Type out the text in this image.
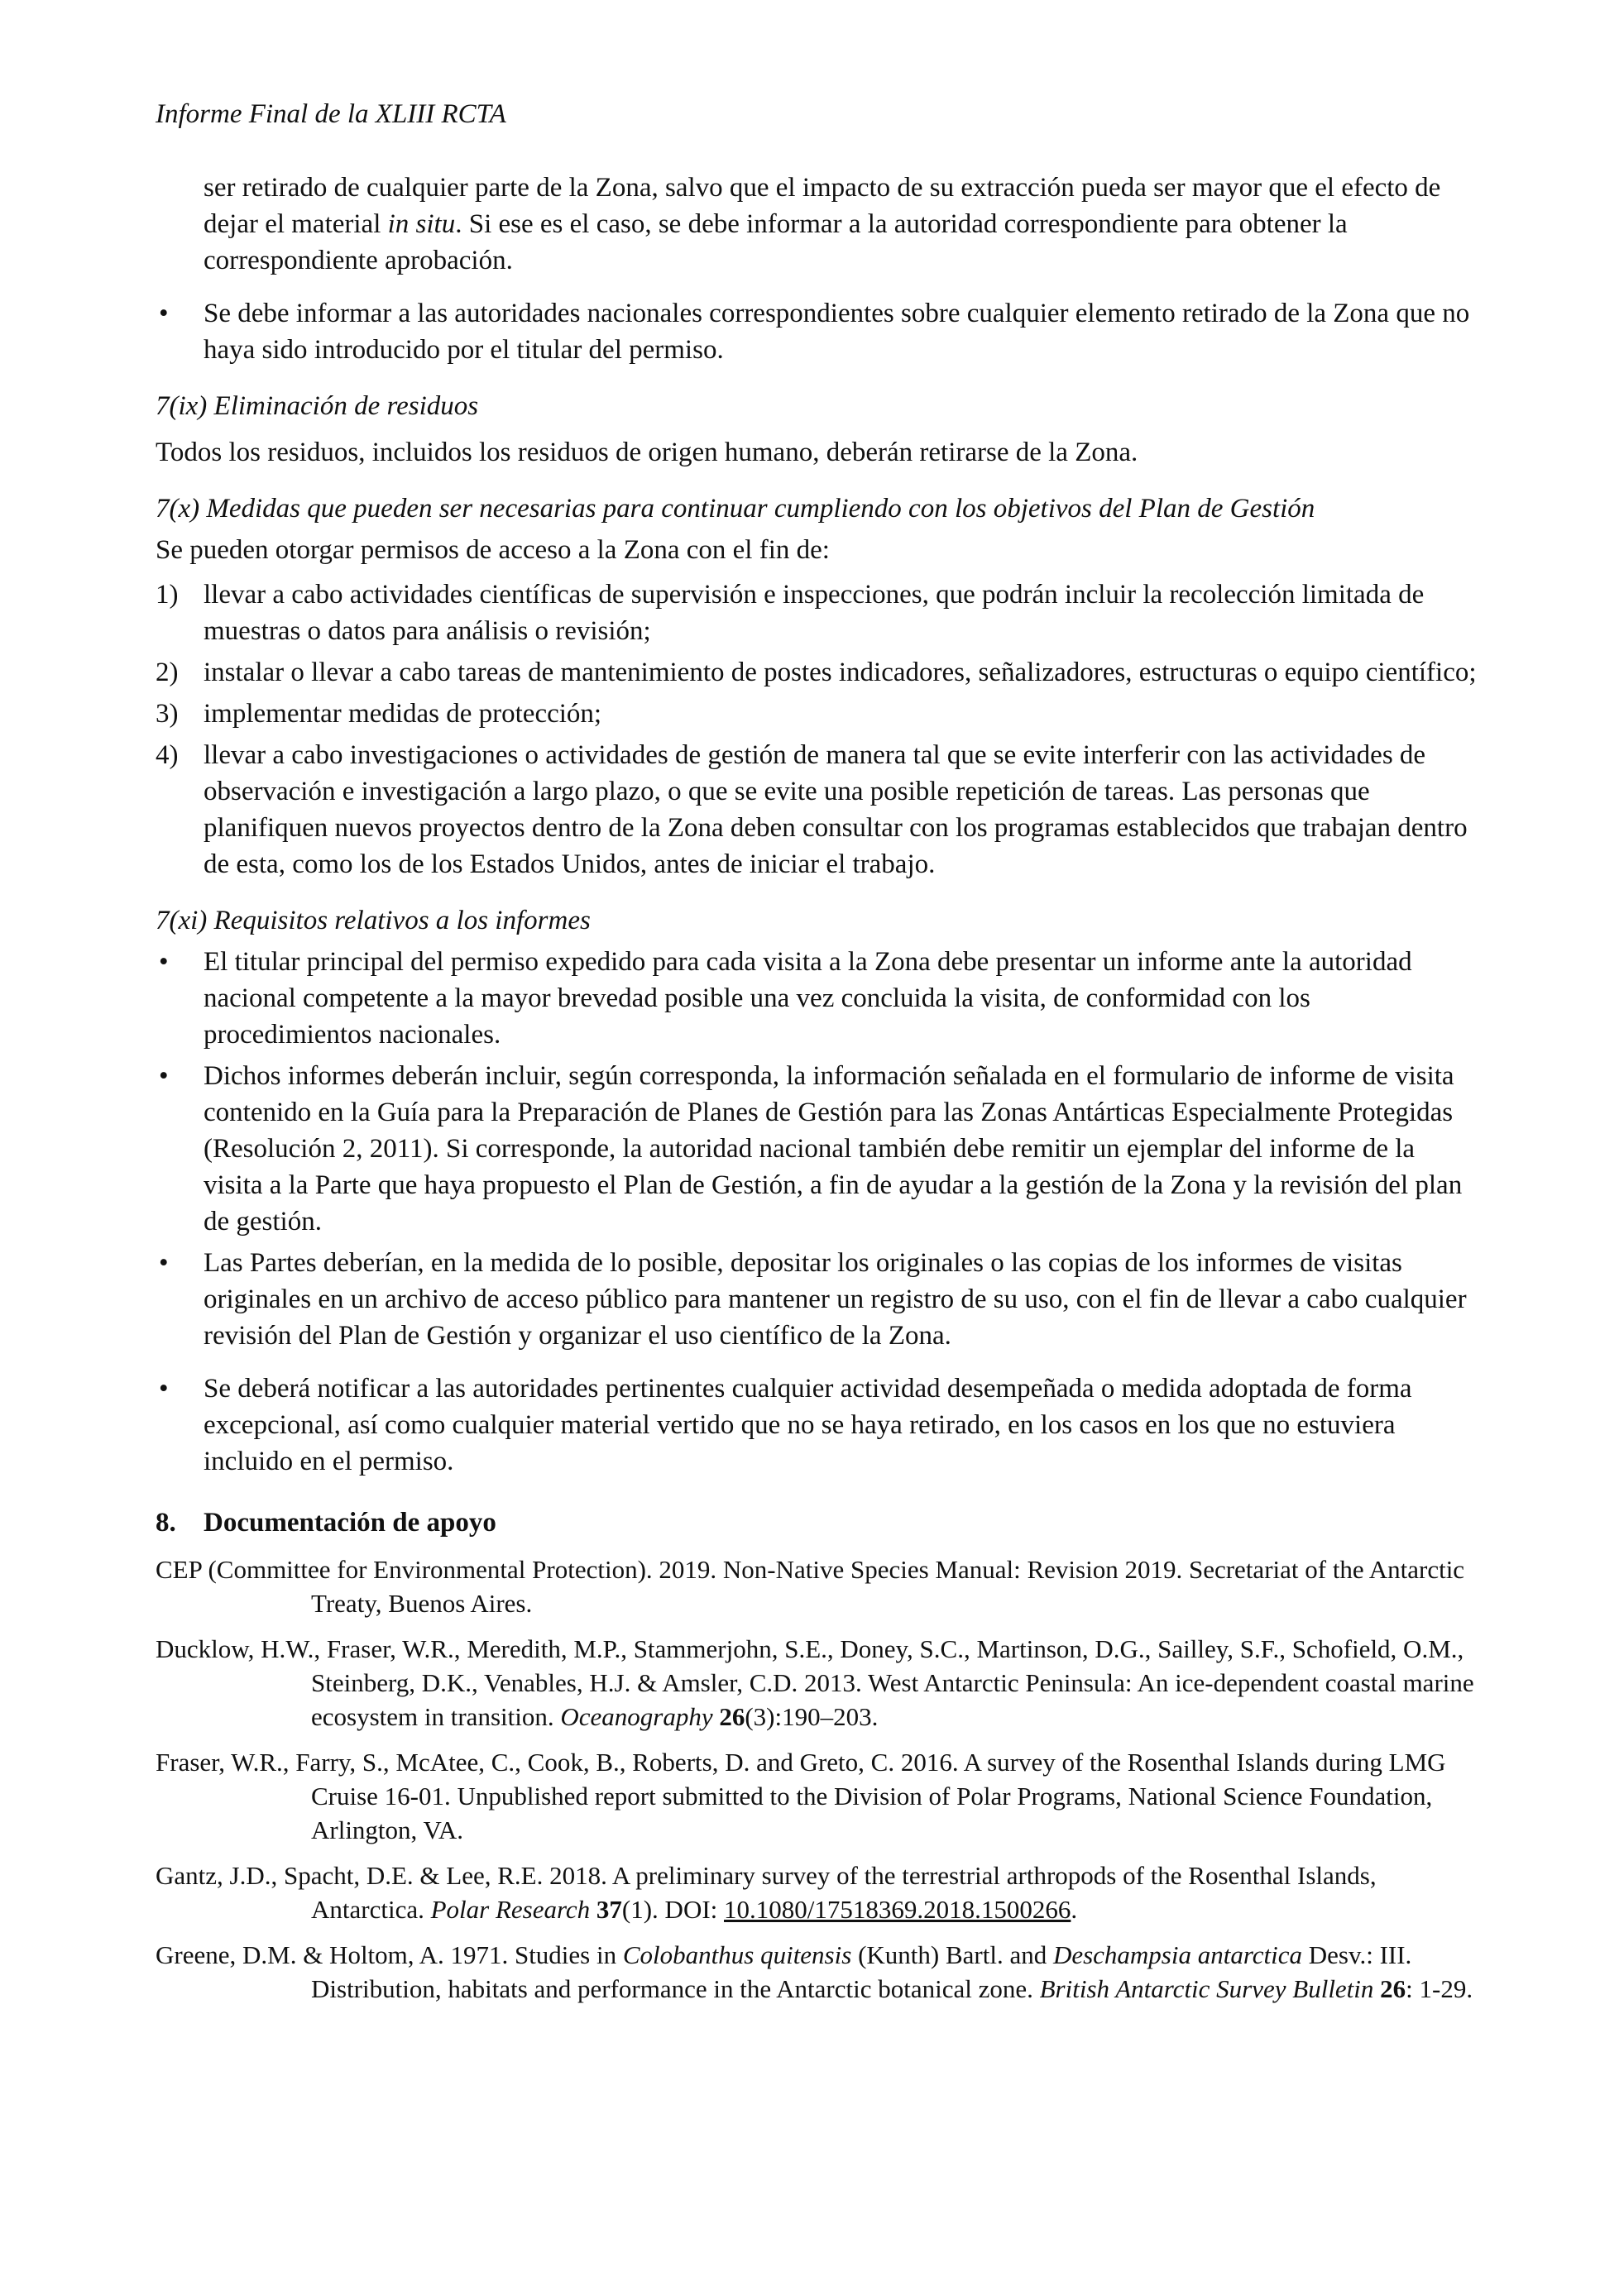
Informe Final de la XLIII RCTA

ser retirado de cualquier parte de la Zona, salvo que el impacto de su extracción pueda ser mayor que el efecto de dejar el material in situ. Si ese es el caso, se debe informar a la autoridad correspondiente para obtener la correspondiente aprobación.

• Se debe informar a las autoridades nacionales correspondientes sobre cualquier elemento retirado de la Zona que no haya sido introducido por el titular del permiso.

7(ix) Eliminación de residuos

Todos los residuos, incluidos los residuos de origen humano, deberán retirarse de la Zona.

7(x) Medidas que pueden ser necesarias para continuar cumpliendo con los objetivos del Plan de Gestión

Se pueden otorgar permisos de acceso a la Zona con el fin de:

1) llevar a cabo actividades científicas de supervisión e inspecciones, que podrán incluir la recolección limitada de muestras o datos para análisis o revisión;

2) instalar o llevar a cabo tareas de mantenimiento de postes indicadores, señalizadores, estructuras o equipo científico;

3) implementar medidas de protección;

4) llevar a cabo investigaciones o actividades de gestión de manera tal que se evite interferir con las actividades de observación e investigación a largo plazo, o que se evite una posible repetición de tareas. Las personas que planifiquen nuevos proyectos dentro de la Zona deben consultar con los programas establecidos que trabajan dentro de esta, como los de los Estados Unidos, antes de iniciar el trabajo.

7(xi) Requisitos relativos a los informes

• El titular principal del permiso expedido para cada visita a la Zona debe presentar un informe ante la autoridad nacional competente a la mayor brevedad posible una vez concluida la visita, de conformidad con los procedimientos nacionales.

• Dichos informes deberán incluir, según corresponda, la información señalada en el formulario de informe de visita contenido en la Guía para la Preparación de Planes de Gestión para las Zonas Antárticas Especialmente Protegidas (Resolución 2, 2011). Si corresponde, la autoridad nacional también debe remitir un ejemplar del informe de la visita a la Parte que haya propuesto el Plan de Gestión, a fin de ayudar a la gestión de la Zona y la revisión del plan de gestión.

• Las Partes deberían, en la medida de lo posible, depositar los originales o las copias de los informes de visitas originales en un archivo de acceso público para mantener un registro de su uso, con el fin de llevar a cabo cualquier revisión del Plan de Gestión y organizar el uso científico de la Zona.

• Se deberá notificar a las autoridades pertinentes cualquier actividad desempeñada o medida adoptada de forma excepcional, así como cualquier material vertido que no se haya retirado, en los casos en los que no estuviera incluido en el permiso.

8. Documentación de apoyo

CEP (Committee for Environmental Protection). 2019. Non-Native Species Manual: Revision 2019. Secretariat of the Antarctic Treaty, Buenos Aires.

Ducklow, H.W., Fraser, W.R., Meredith, M.P., Stammerjohn, S.E., Doney, S.C., Martinson, D.G., Sailley, S.F., Schofield, O.M., Steinberg, D.K., Venables, H.J. & Amsler, C.D. 2013. West Antarctic Peninsula: An ice-dependent coastal marine ecosystem in transition. Oceanography 26(3):190–203.

Fraser, W.R., Farry, S., McAtee, C., Cook, B., Roberts, D. and Greto, C. 2016. A survey of the Rosenthal Islands during LMG Cruise 16-01. Unpublished report submitted to the Division of Polar Programs, National Science Foundation, Arlington, VA.

Gantz, J.D., Spacht, D.E. & Lee, R.E. 2018. A preliminary survey of the terrestrial arthropods of the Rosenthal Islands, Antarctica. Polar Research 37(1). DOI: 10.1080/17518369.2018.1500266.

Greene, D.M. & Holtom, A. 1971. Studies in Colobanthus quitensis (Kunth) Bartl. and Deschampsia antarctica Desv.: III. Distribution, habitats and performance in the Antarctic botanical zone. British Antarctic Survey Bulletin 26: 1-29.
